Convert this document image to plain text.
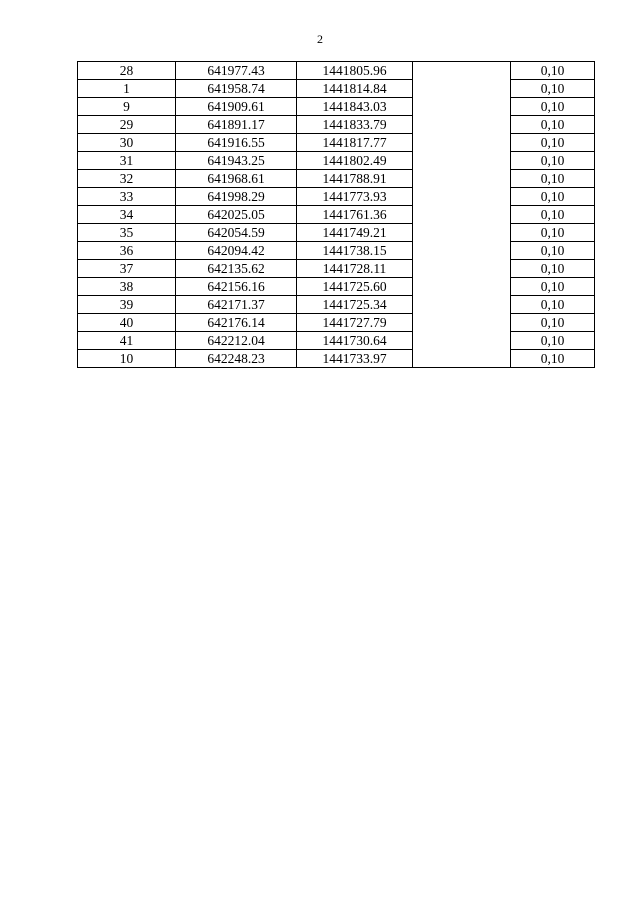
2
28	641977.43	1441805.96		0,10
1	641958.74	1441814.84		0,10
9	641909.61	1441843.03		0,10
29	641891.17	1441833.79		0,10
30	641916.55	1441817.77		0,10
31	641943.25	1441802.49		0,10
32	641968.61	1441788.91		0,10
33	641998.29	1441773.93		0,10
34	642025.05	1441761.36		0,10
35	642054.59	1441749.21		0,10
36	642094.42	1441738.15		0,10
37	642135.62	1441728.11		0,10
38	642156.16	1441725.60		0,10
39	642171.37	1441725.34		0,10
40	642176.14	1441727.79		0,10
41	642212.04	1441730.64		0,10
10	642248.23	1441733.97		0,10
